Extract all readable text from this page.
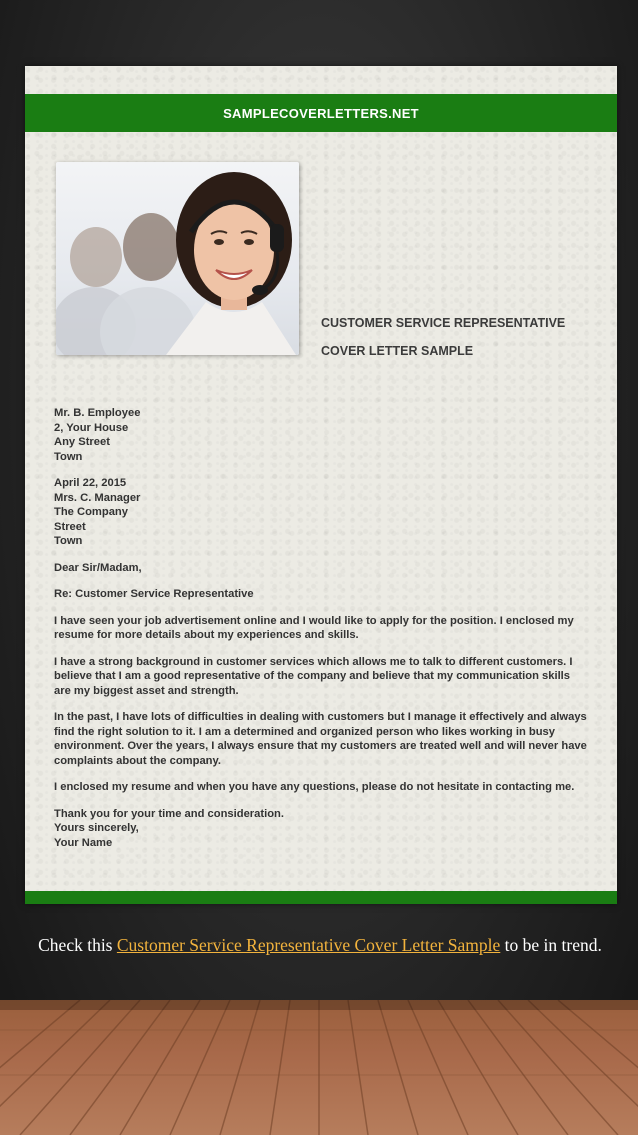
SAMPLECOVERLETTERS.NET
CUSTOMER SERVICE REPRESENTATIVE
COVER LETTER SAMPLE
Mr. B. Employee
2, Your House
Any Street
Town
April 22, 2015
Mrs. C. Manager
The Company
Street
Town
Dear Sir/Madam,
Re: Customer Service Representative
I have seen your job advertisement online and I would like to apply for the position. I enclosed my resume for more details about my experiences and skills.
I have a strong background in customer services which allows me to talk to different customers. I believe that I am a good representative of the company and believe that my communication skills are my biggest asset and strength.
In the past, I have lots of difficulties in dealing with customers but I manage it effectively and always find the right solution to it. I am a determined and organized person who likes working in busy environment. Over the years, I always ensure that my customers are treated well and will never have complaints about the company.
I enclosed my resume and when you have any questions, please do not hesitate in contacting me.
Thank you for your time and consideration.
Yours sincerely,
Your Name
Check this Customer Service Representative Cover Letter Sample to be in trend.
